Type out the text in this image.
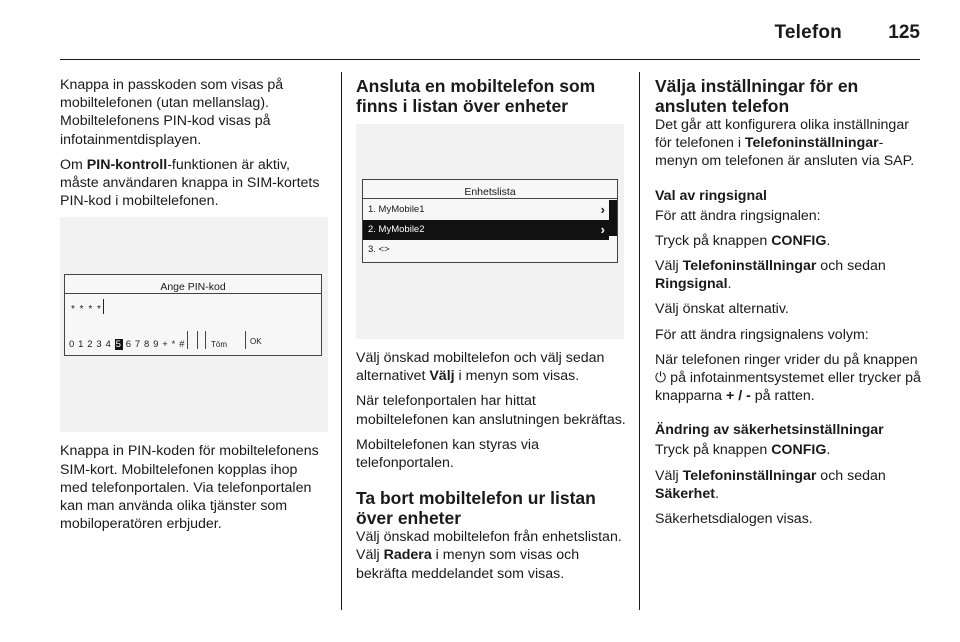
Telefon 125

Knappa in passkoden som visas på mobiltelefonen (utan mellanslag). Mobiltelefonens PIN-kod visas på infotainmentdisplayen.

Om PIN-kontroll-funktionen är aktiv, måste användaren knappa in SIM-kortets PIN-kod i mobiltelefonen.

Ange PIN-kod
* * * *
0 1 2 3 4 5 6 7 8 9 + * #	Töm	OK

Knappa in PIN-koden för mobiltelefonens SIM-kort. Mobiltelefonen kopplas ihop med telefonportalen. Via telefonportalen kan man använda olika tjänster som mobiloperatören erbjuder.

Ansluta en mobiltelefon som finns i listan över enheter
Enhetslista
1. MyMobile1	›
2. MyMobile2	›
3. <>

Välj önskad mobiltelefon och välj sedan alternativet Välj i menyn som visas.

När telefonportalen har hittat mobiltelefonen kan anslutningen bekräftas.

Mobiltelefonen kan styras via telefonportalen.

Ta bort mobiltelefon ur listan över enheter

Välj önskad mobiltelefon från enhetslistan. Välj Radera i menyn som visas och bekräfta meddelandet som visas.

Välja inställningar för en ansluten telefon

Det går att konfigurera olika inställningar för telefonen i Telefoninställningar-menyn om telefonen är ansluten via SAP.

Val av ringsignal

För att ändra ringsignalen:

Tryck på knappen CONFIG.

Välj Telefoninställningar och sedan Ringsignal.

Välj önskat alternativ.

För att ändra ringsignalens volym:

När telefonen ringer vrider du på knappen ⏻ på infotainmentsystemet eller trycker på knapparna + / - på ratten.

Ändring av säkerhetsinställningar

Tryck på knappen CONFIG.

Välj Telefoninställningar och sedan Säkerhet.

Säkerhetsdialogen visas.
